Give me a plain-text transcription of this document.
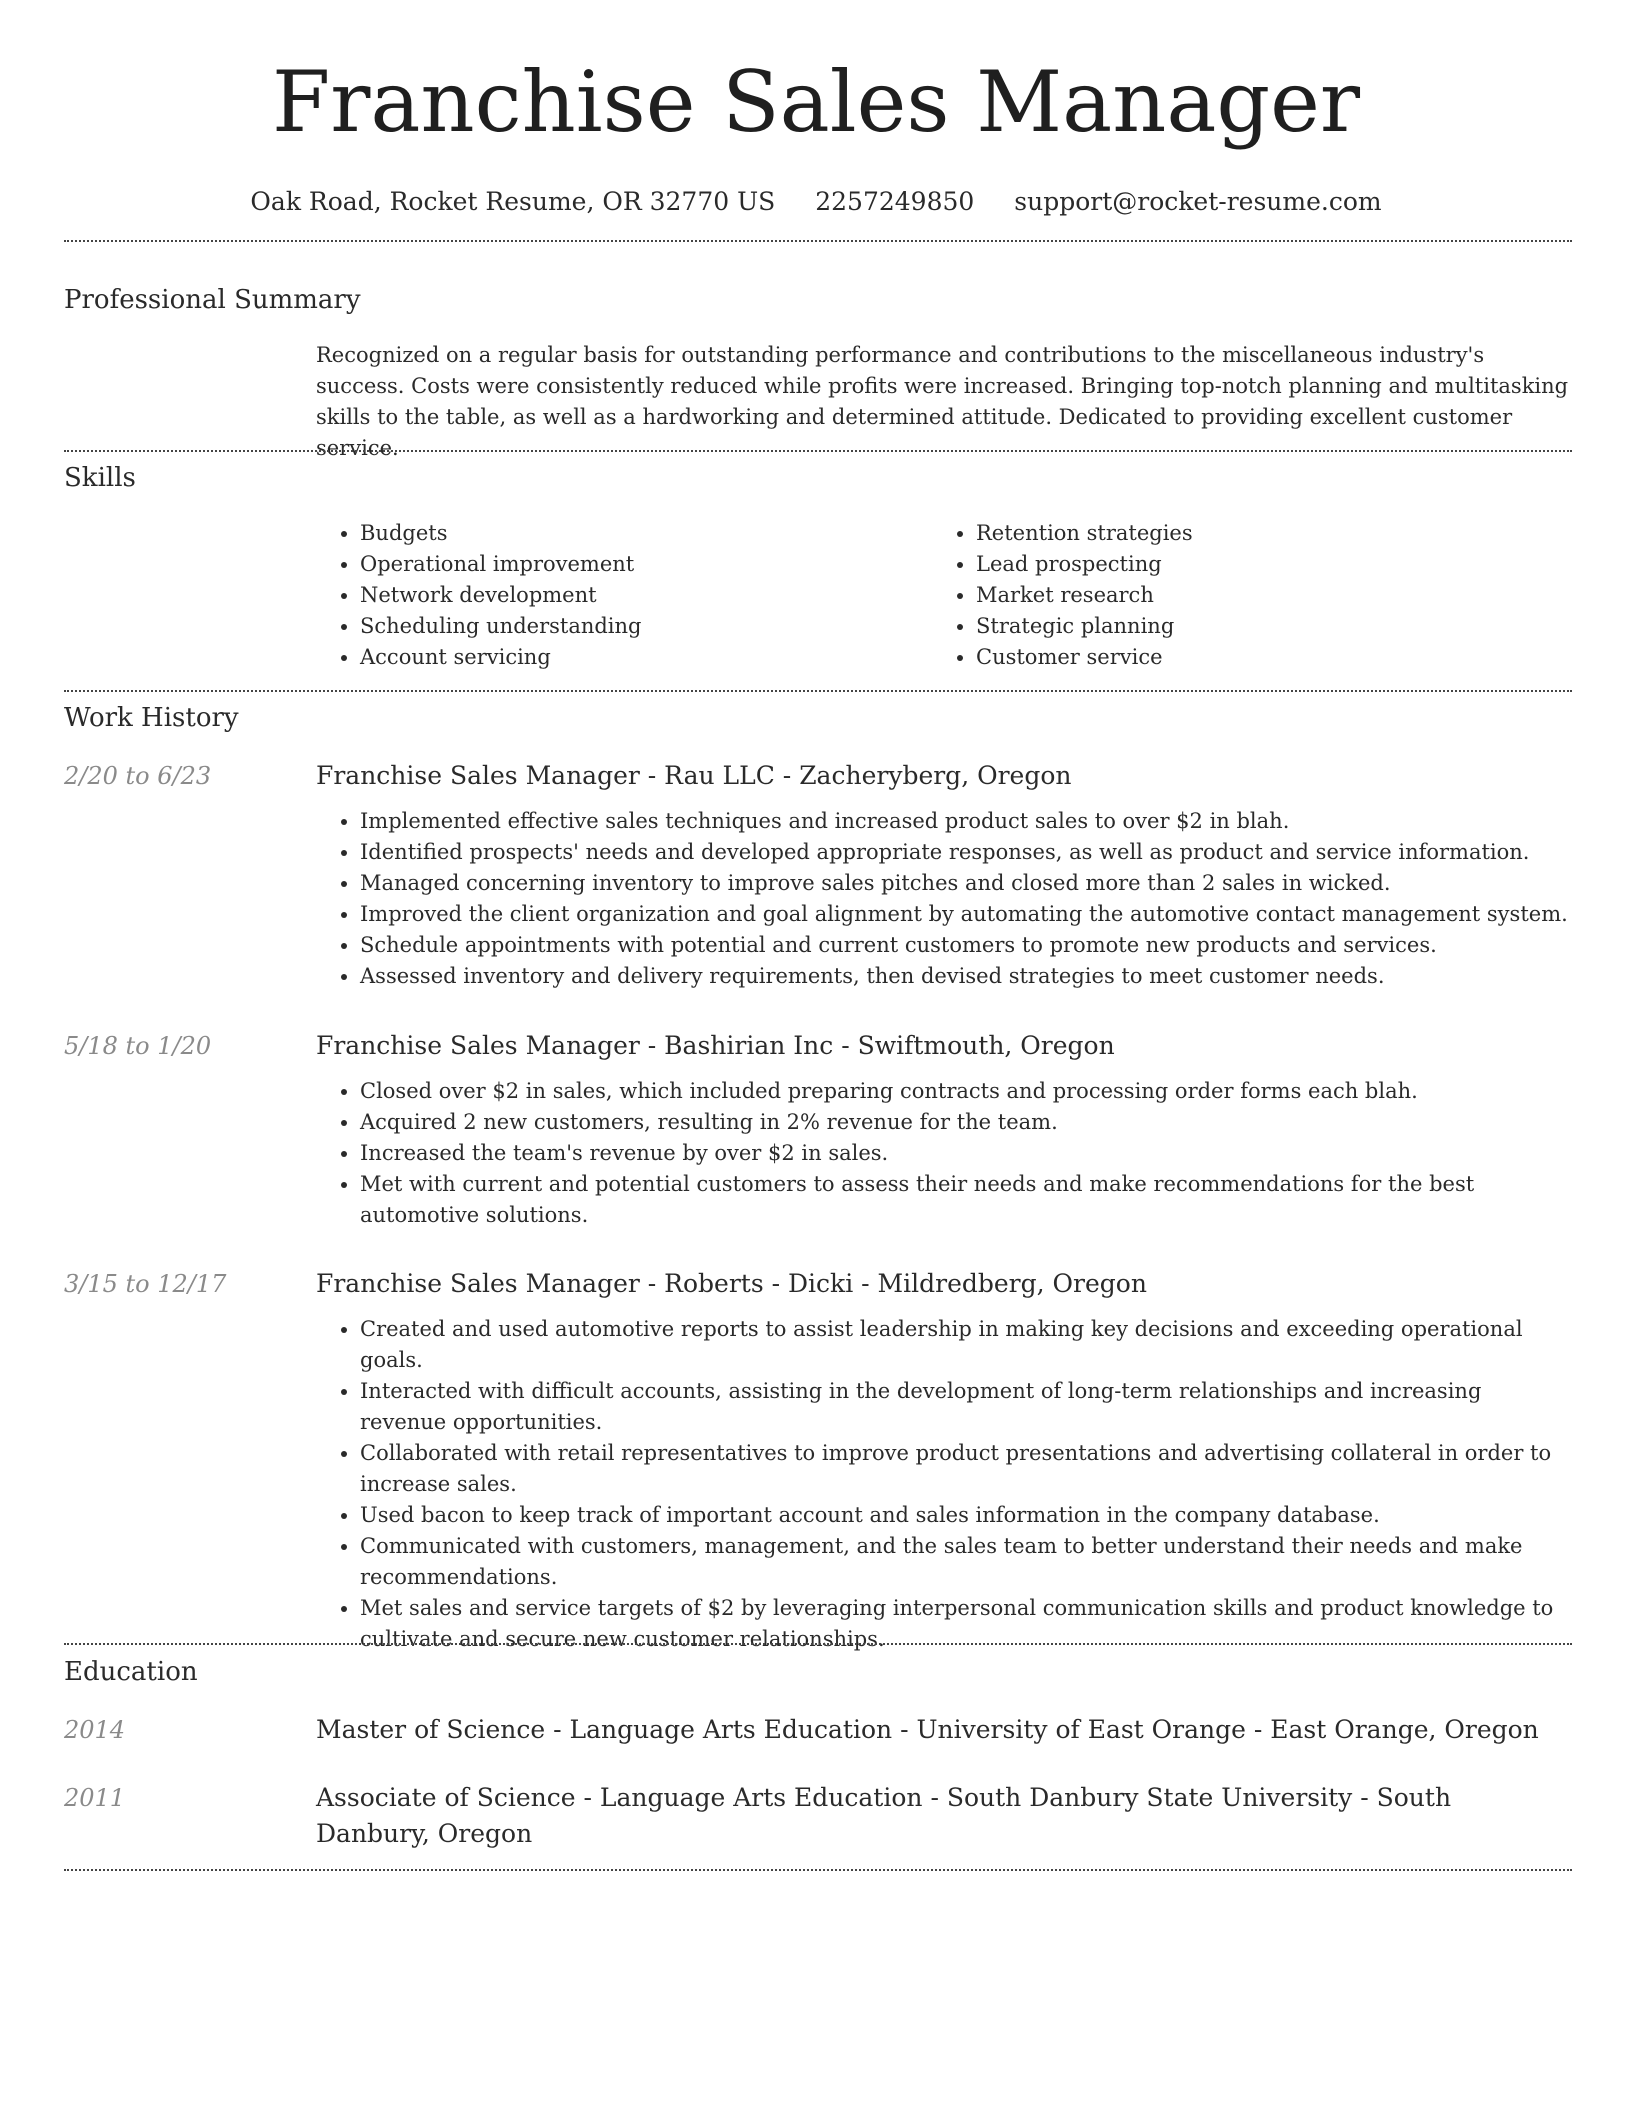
Franchise Sales Manager
Oak Road, Rocket Resume, OR 32770 US 2257249850 support@rocket-resume.com
Professional Summary

Recognized on a regular basis for outstanding performance and contributions to the miscellaneous industry's success. Costs were consistently reduced while profits were increased. Bringing top-notch planning and multitasking skills to the table, as well as a hardworking and determined attitude. Dedicated to providing excellent customer service.

Skills
• Budgets
• Operational improvement
• Network development
• Scheduling understanding
• Account servicing
• Retention strategies
• Lead prospecting
• Market research
• Strategic planning
• Customer service
Work History
2/20 to 6/23	Franchise Sales Manager - Rau LLC - Zacheryberg, Oregon

• Implemented effective sales techniques and increased product sales to over $2 in blah.
• Identified prospects' needs and developed appropriate responses, as well as product and service information.
• Managed concerning inventory to improve sales pitches and closed more than 2 sales in wicked.
• Improved the client organization and goal alignment by automating the automotive contact management system.
• Schedule appointments with potential and current customers to promote new products and services.
• Assessed inventory and delivery requirements, then devised strategies to meet customer needs.
5/18 to 1/20	Franchise Sales Manager - Bashirian Inc - Swiftmouth, Oregon

• Closed over $2 in sales, which included preparing contracts and processing order forms each blah.
• Acquired 2 new customers, resulting in 2% revenue for the team.
• Increased the team's revenue by over $2 in sales.
• Met with current and potential customers to assess their needs and make recommendations for the best automotive solutions.
3/15 to 12/17	Franchise Sales Manager - Roberts - Dicki - Mildredberg, Oregon

• Created and used automotive reports to assist leadership in making key decisions and exceeding operational goals.
• Interacted with difficult accounts, assisting in the development of long-term relationships and increasing revenue opportunities.
• Collaborated with retail representatives to improve product presentations and advertising collateral in order to increase sales.
• Used bacon to keep track of important account and sales information in the company database.
• Communicated with customers, management, and the sales team to better understand their needs and make recommendations.
• Met sales and service targets of $2 by leveraging interpersonal communication skills and product knowledge to cultivate and secure new customer relationships.
Education
2014	Master of Science - Language Arts Education - University of East Orange - East Orange, Oregon

2011	Associate of Science - Language Arts Education - South Danbury State University - South Danbury, Oregon
